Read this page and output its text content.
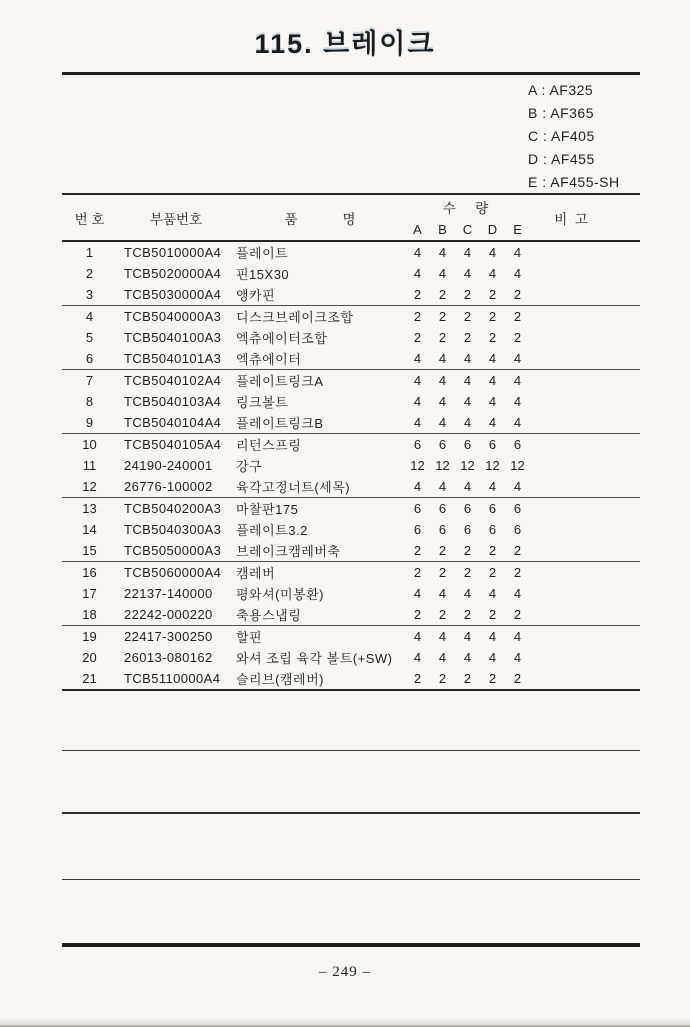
115. 브레이크
A : AF325
B : AF365
C : AF405
D : AF455
E : AF455-SH
번 호	부품번호	품            명	수  량					비  고
			A	B	C	D	E	
1	TCB5010000A4	플레이트	4	4	4	4	4	
2	TCB5020000A4	핀15X30	4	4	4	4	4	
3	TCB5030000A4	앵카핀	2	2	2	2	2	
4	TCB5040000A3	디스크브레이크조합	2	2	2	2	2	
5	TCB5040100A3	엑츄에이터조합	2	2	2	2	2	
6	TCB5040101A3	엑츄에이터	4	4	4	4	4	
7	TCB5040102A4	플레이트링크A	4	4	4	4	4	
8	TCB5040103A4	링크볼트	4	4	4	4	4	
9	TCB5040104A4	플레이트링크B	4	4	4	4	4	
10	TCB5040105A4	리턴스프링	6	6	6	6	6	
11	24190-240001	강구	12	12	12	12	12	
12	26776-100002	육각고정너트(세목)	4	4	4	4	4	
13	TCB5040200A3	마찰판175	6	6	6	6	6	
14	TCB5040300A3	플레이트3.2	6	6	6	6	6	
15	TCB5050000A3	브레이크캠레버축	2	2	2	2	2	
16	TCB5060000A4	캠레버	2	2	2	2	2	
17	22137-140000	평와셔(미봉환)	4	4	4	4	4	
18	22242-000220	축용스냅링	2	2	2	2	2	
19	22417-300250	할핀	4	4	4	4	4	
20	26013-080162	와셔 조립 육각 볼트(+SW)	4	4	4	4	4	
21	TCB5110000A4	슬리브(캠레버)	2	2	2	2	2	
– 249 –
